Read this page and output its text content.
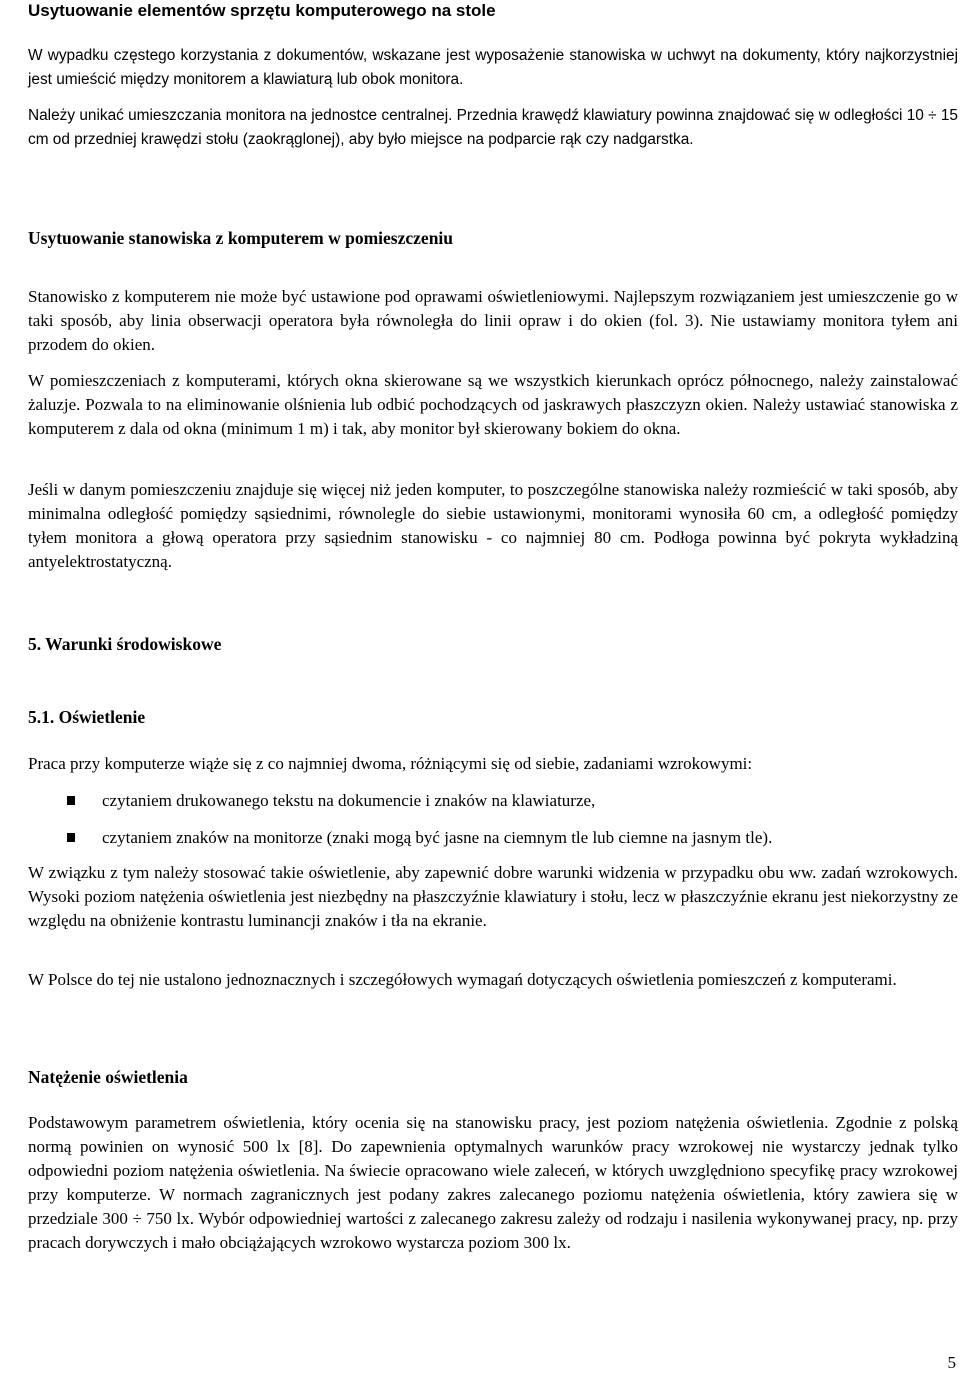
Usytuowanie elementów sprzętu komputerowego na stole

W wypadku częstego korzystania z dokumentów, wskazane jest wyposażenie stanowiska w uchwyt na dokumenty, który najkorzystniej jest umieścić między monitorem a klawiaturą lub obok monitora.

Należy unikać umieszczania monitora na jednostce centralnej. Przednia krawędź klawiatury powinna znajdować się w odległości 10 ÷ 15 cm od przedniej krawędzi stołu (zaokrąglonej), aby było miejsce na podparcie rąk czy nadgarstka.

Usytuowanie stanowiska z komputerem w pomieszczeniu

Stanowisko z komputerem nie może być ustawione pod oprawami oświetleniowymi. Najlepszym rozwiązaniem jest umieszczenie go w taki sposób, aby linia obserwacji operatora była równoległa do linii opraw i do okien (fol. 3). Nie ustawiamy monitora tyłem ani przodem do okien.

W pomieszczeniach z komputerami, których okna skierowane są we wszystkich kierunkach oprócz północnego, należy zainstalować żaluzje. Pozwala to na eliminowanie olśnienia lub odbić pochodzących od jaskrawych płaszczyzn okien. Należy ustawiać stanowiska z komputerem z dala od okna (minimum 1 m) i tak, aby monitor był skierowany bokiem do okna.

Jeśli w danym pomieszczeniu znajduje się więcej niż jeden komputer, to poszczególne stanowiska należy rozmieścić w taki sposób, aby minimalna odległość pomiędzy sąsiednimi, równolegle do siebie ustawionymi, monitorami wynosiła 60 cm, a odległość pomiędzy tyłem monitora a głową operatora przy sąsiednim stanowisku - co najmniej 80 cm. Podłoga powinna być pokryta wykładziną antyelektrostatyczną.

5. Warunki środowiskowe
5.1. Oświetlenie

Praca przy komputerze wiąże się z co najmniej dwoma, różniącymi się od siebie, zadaniami wzrokowymi:

czytaniem drukowanego tekstu na dokumencie i znaków na klawiaturze,
czytaniem znaków na monitorze (znaki mogą być jasne na ciemnym tle lub ciemne na jasnym tle).

W związku z tym należy stosować takie oświetlenie, aby zapewnić dobre warunki widzenia w przypadku obu ww. zadań wzrokowych. Wysoki poziom natężenia oświetlenia jest niezbędny na płaszczyźnie klawiatury i stołu, lecz w płaszczyźnie ekranu jest niekorzystny ze względu na obniżenie kontrastu luminancji znaków i tła na ekranie.

W Polsce do tej nie ustalono jednoznacznych i szczegółowych wymagań dotyczących oświetlenia pomieszczeń z komputerami.

Natężenie oświetlenia

Podstawowym parametrem oświetlenia, który ocenia się na stanowisku pracy, jest poziom natężenia oświetlenia. Zgodnie z polską normą powinien on wynosić 500 lx [8]. Do zapewnienia optymalnych warunków pracy wzrokowej nie wystarczy jednak tylko odpowiedni poziom natężenia oświetlenia. Na świecie opracowano wiele zaleceń, w których uwzględniono specyfikę pracy wzrokowej przy komputerze. W normach zagranicznych jest podany zakres zalecanego poziomu natężenia oświetlenia, który zawiera się w przedziale 300 ÷ 750 lx. Wybór odpowiedniej wartości z zalecanego zakresu zależy od rodzaju i nasilenia wykonywanej pracy, np. przy pracach dorywczych i mało obciążających wzrokowo wystarcza poziom 300 lx.

5
